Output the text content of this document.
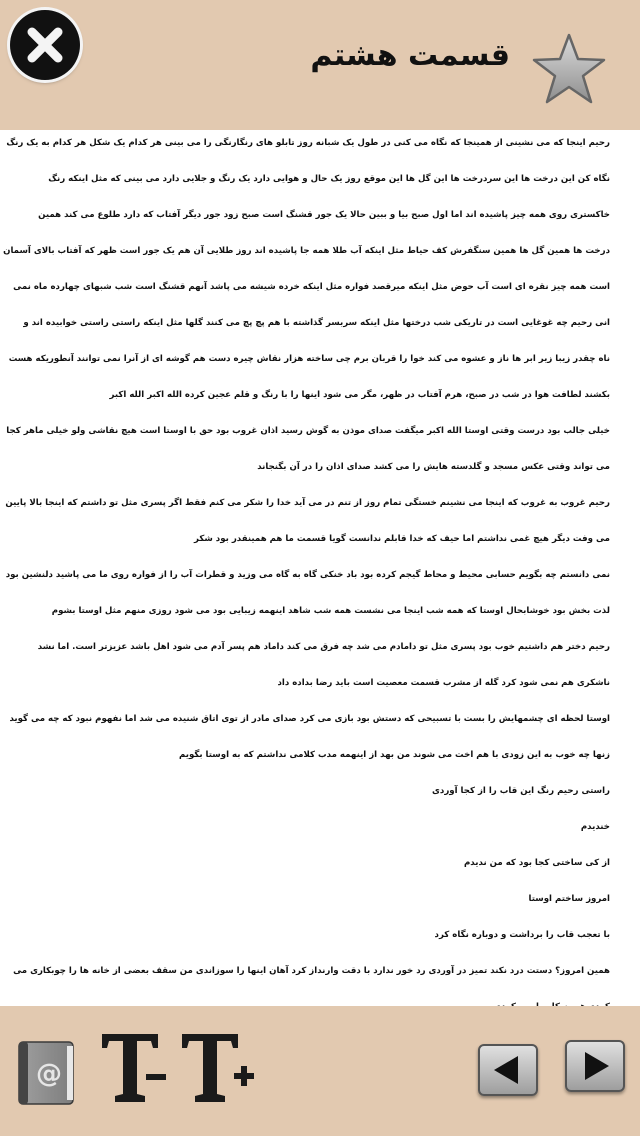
قسمت هشتم
رحیم اینجا که می نشینی از همینجا که نگاه می کنی در طول یک شبانه روز تابلو های رنگارنگی را می بینی هر کدام یک شکل هر کدام به یک رنگ
نگاه کن این درخت ها این سردرخت ها این گل ها این موقع روز یک حال و هوایی دارد یک رنگ و جلایی دارد می بینی که مثل اینکه رنگ
خاکستری روی همه چیز پاشیده اند اما اول صبح بیا و ببین حالا یک جور قشنگ است صبح زود جور دیگر آفتاب که دارد طلوع می کند همین
درخت ها همین گل ها همین سنگفرش کف حیاط مثل اینکه آب طلا همه جا پاشیده اند روز طلایی آن هم یک جور است ظهر که آفتاب بالای آسمان
است همه چیز نقره ای است آب حوض مثل اینکه میرقصد فواره مثل اینکه خرده شیشه می پاشد آنهم قشنگ است شب شبهای چهارده ماه نمی
انی رحیم چه غوغایی است در تاریکی شب درختها مثل اینکه سربسر گذاشته با هم پچ پچ می کنند گلها مثل اینکه راستی راستی خوابیده اند و
ناه چقدر زیبا زیر ابر ها ناز و عشوه می کند خوا را قربان برم چی ساخته هزار نقاش چیره دست هم گوشه ای از آنرا نمی توانند آنطوریکه هست
بکشند لطافت هوا در شب در صبح، هرم آفتاب در ظهر، مگر می شود اینها را با رنگ و قلم عجین کرده الله اکبر الله اکبر
خیلی جالب بود درست وقتی اوستا الله اکبر میگفت صدای موذن به گوش رسید اذان غروب بود حق با اوستا است هیچ نقاشی ولو خیلی ماهر کجا
می تواند وقتی عکس مسجد و گلدسته هایش را می کشد صدای اذان را در آن بگنجاند
رحیم غروب به غروب که اینجا می نشینم خستگی تمام روز از تنم در می آید خدا را شکر می کنم فقط اگر پسری مثل تو داشتم که اینجا بالا پایین
می وفت دیگر هیچ غمی نداشتم اما حیف که خدا قابلم ندانست گویا قسمت ما هم همینقدر بود شکر
نمی دانستم چه بگویم حسابی محیط و محاط گیجم کرده بود باد خنکی گاه به گاه می وزید و قطرات آب را از فواره روی ما می پاشید دلنشین بود
لذت بخش بود خوشابحال اوستا که همه شب اینجا می نشست همه شب شاهد اینهمه زیبایی بود می شود روزی منهم مثل اوستا بشوم
رحیم دختر هم داشتیم خوب بود پسری مثل تو دامادم می شد چه فرق می کند داماد هم پسر آدم می شود اهل باشد عزیزتر است. اما نشد
ناشکری هم نمی شود کرد گله از مشرب قسمت معصیت است باید رضا بداده داد
اوستا لحظه ای چشمهایش را بست با تسبیحی که دستش بود بازی می کرد صدای مادر از توی اتاق شنیده می شد اما نفهوم نبود که چه می گوید
زنها چه خوب به این زودی با هم اخت می شوند من بهد از اینهمه مدب کلامی نداشتم که به اوستا بگویم
راستی رحیم رنگ این قاب را از کجا آوردی
خندیدم
از کی ساختی کجا بود که من ندیدم
امروز ساختم اوستا
با تعجب قاب را برداشت و دوباره نگاه کرد
همین امروز؟ دستت درد نکند تمیز در آوردی رد خور ندارد با دقت وارنداز کرد آهان اینها را سوزاندی من سقف بعضی از خانه ها را چوبکاری می
@
